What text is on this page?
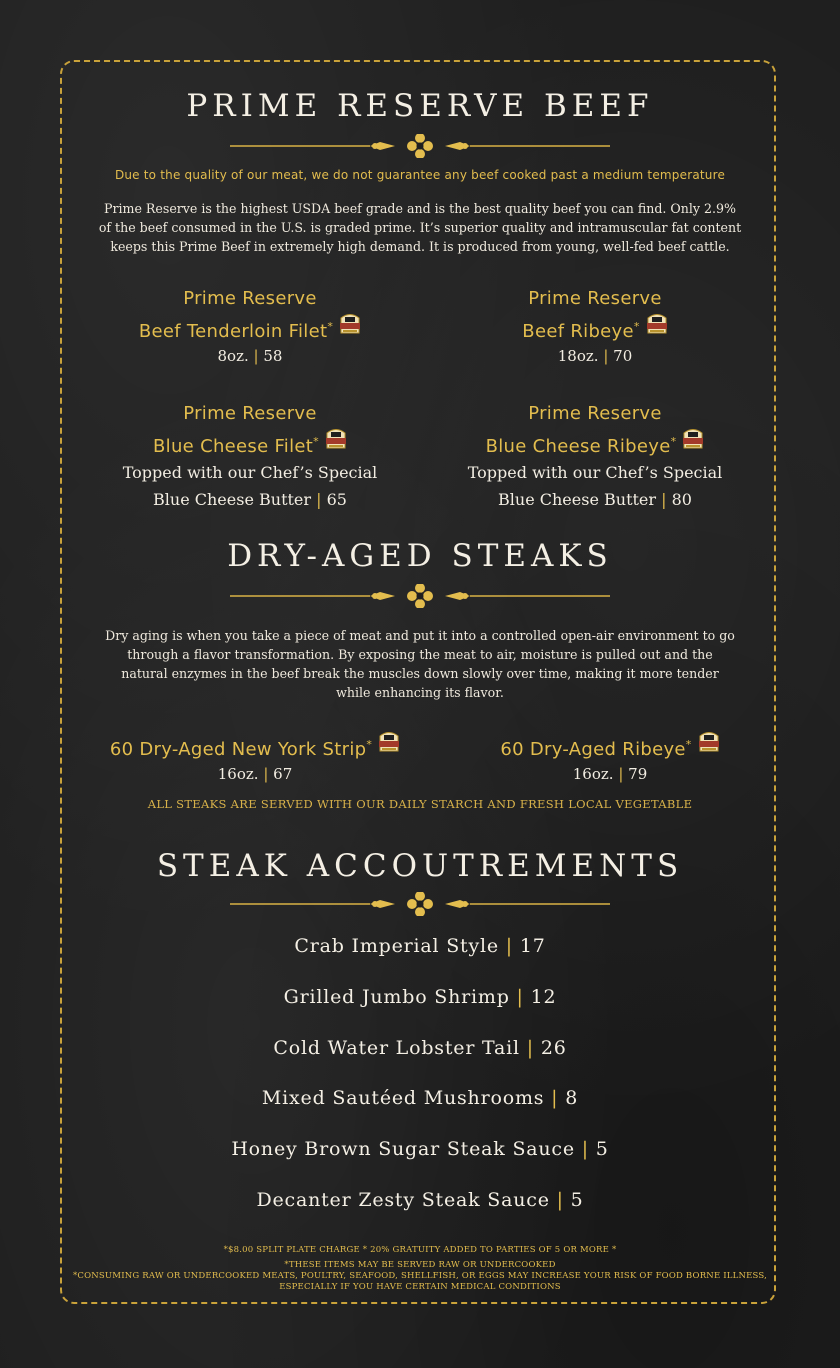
PRIME RESERVE BEEF
Due to the quality of our meat, we do not guarantee any beef cooked past a medium temperature
Prime Reserve is the highest USDA beef grade and is the best quality beef you can find. Only 2.9%
of the beef consumed in the U.S. is graded prime. It’s superior quality and intramuscular fat content
keeps this Prime Beef in extremely high demand. It is produced from young, well-fed beef cattle.
Prime Reserve
Beef Tenderloin Filet*
8oz. | 58
Prime Reserve
Beef Ribeye*
18oz. | 70
Prime Reserve
Blue Cheese Filet*
Topped with our Chef’s Special
Blue Cheese Butter | 65
Prime Reserve
Blue Cheese Ribeye*
Topped with our Chef’s Special
Blue Cheese Butter | 80
DRY-AGED STEAKS
Dry aging is when you take a piece of meat and put it into a controlled open-air environment to go
through a flavor transformation. By exposing the meat to air, moisture is pulled out and the
natural enzymes in the beef break the muscles down slowly over time, making it more tender
while enhancing its flavor.
60 Dry-Aged New York Strip*
16oz. | 67
60 Dry-Aged Ribeye*
16oz. | 79
ALL STEAKS ARE SERVED WITH OUR DAILY STARCH AND FRESH LOCAL VEGETABLE
STEAK ACCOUTREMENTS
Crab Imperial Style | 17
Grilled Jumbo Shrimp | 12
Cold Water Lobster Tail | 26
Mixed Sautéed Mushrooms | 8
Honey Brown Sugar Steak Sauce | 5
Decanter Zesty Steak Sauce | 5
*$8.00 SPLIT PLATE CHARGE * 20% GRATUITY ADDED TO PARTIES OF 5 OR MORE *
*THESE ITEMS MAY BE SERVED RAW OR UNDERCOOKED
*CONSUMING RAW OR UNDERCOOKED MEATS, POULTRY, SEAFOOD, SHELLFISH, OR EGGS MAY INCREASE YOUR RISK OF FOOD BORNE ILLNESS,
ESPECIALLY IF YOU HAVE CERTAIN MEDICAL CONDITIONS
